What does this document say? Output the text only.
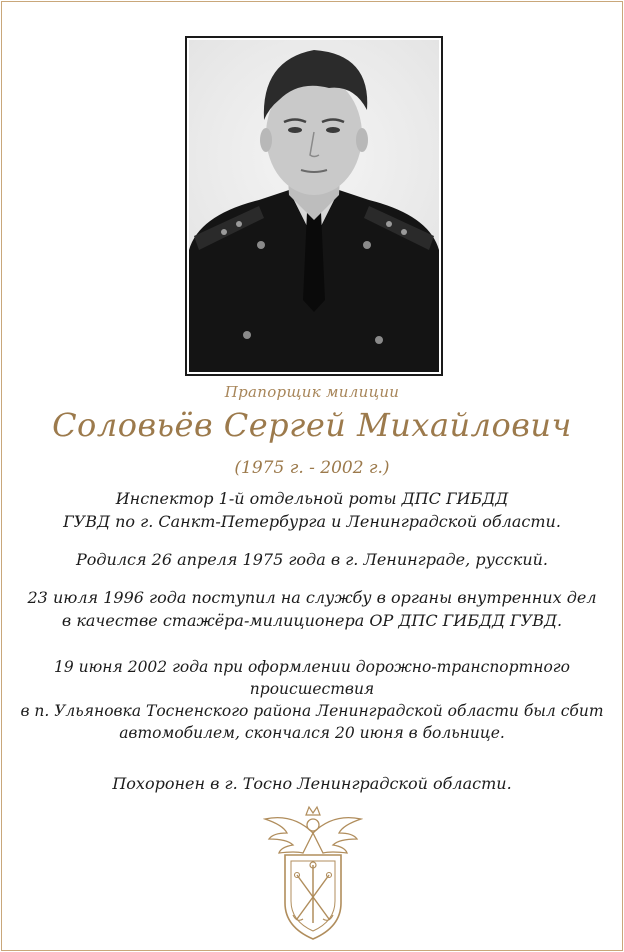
Прапорщик милиции
Соловьёв Сергей Михайлович
(1975 г. - 2002 г.)
Инспектор 1-й отдельной роты ДПС ГИБДД
ГУВД по г. Санкт-Петербурга и Ленинградской области.
Родился 26 апреля 1975 года в г. Ленинграде, русский.
23 июля 1996 года поступил на службу в органы внутренних дел
в качестве стажёра-милиционера ОР ДПС ГИБДД ГУВД.
19 июня 2002 года при оформлении дорожно-транспортного происшествия
в п. Ульяновка Тосненского района Ленинградской области был сбит
автомобилем, скончался 20 июня в больнице.
Похоронен в г. Тосно Ленинградской области.
